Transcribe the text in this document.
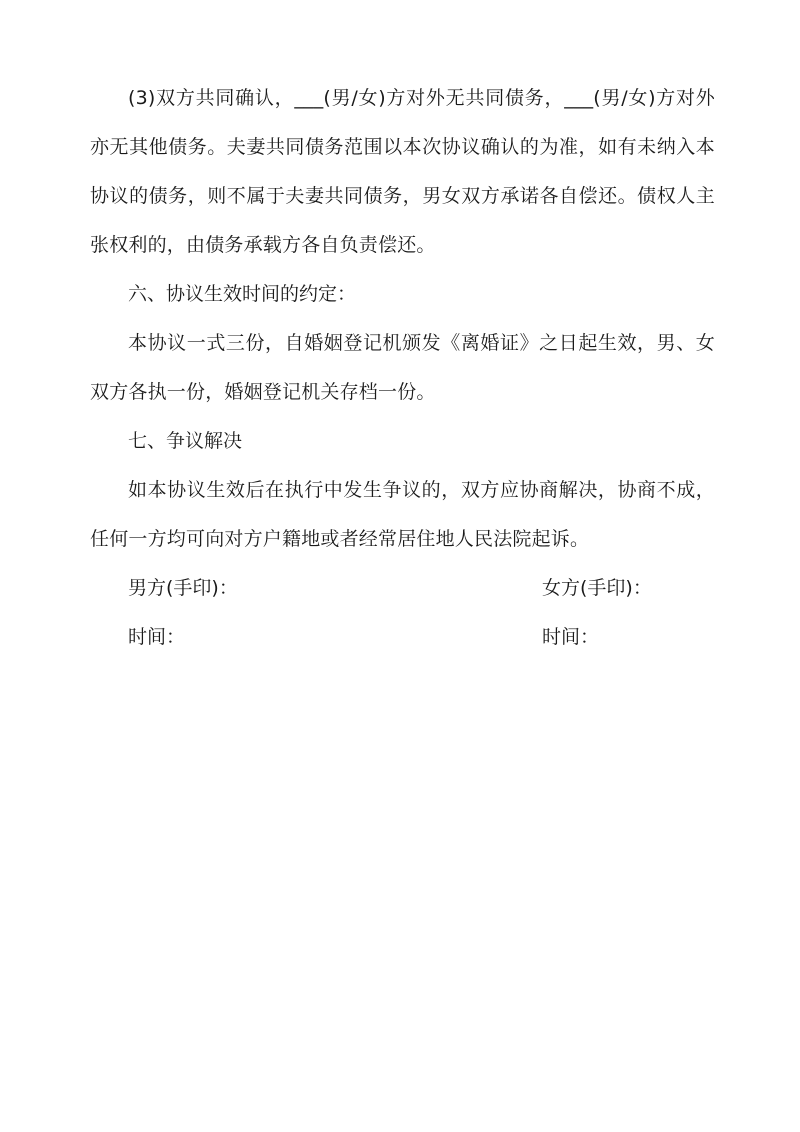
(3)双方共同确认，___(男/女)方对外无共同债务，___(男/女)方对外亦无其他债务。夫妻共同债务范围以本次协议确认的为准，如有未纳入本协议的债务，则不属于夫妻共同债务，男女双方承诺各自偿还。债权人主张权利的，由债务承载方各自负责偿还。

六、协议生效时间的约定：

本协议一式三份，自婚姻登记机颁发《离婚证》之日起生效，男、女双方各执一份，婚姻登记机关存档一份。

七、争议解决

如本协议生效后在执行中发生争议的，双方应协商解决，协商不成，任何一方均可向对方户籍地或者经常居住地人民法院起诉。

男方(手印)：	女方(手印)：
时间：	时间：
